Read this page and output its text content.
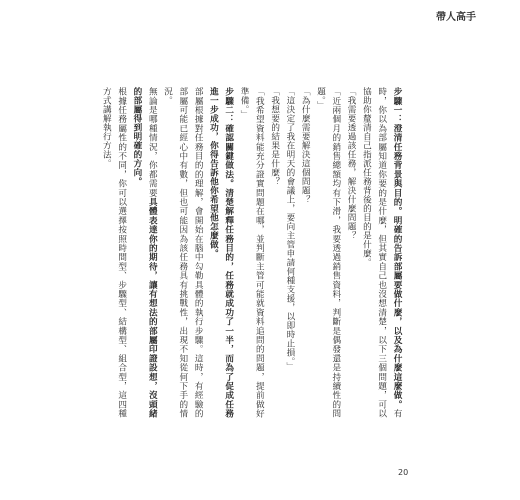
帶人高手

步驟一：澄清任務背景與目的。明確的告訴部屬要做什麼，以及為什麼這麼做。有時，你以為部屬知道你要的是什麼，但其實自己也沒想清楚，以下三個問題，可以協助你釐清自己指派任務背後的目的是什麼。

「我需要透過該任務，解決什麼問題？

「近兩個月的銷售總額均有下滑，我要透過銷售資料，判斷是偶發還是持續性的問題。」

「為什麼需要解決這個問題？

「這決定了我在明天的會議上，要向主管申請何種支援，以即時止損。」

「我想要的結果是什麼？

「我希望資料能充分證實問題在哪，並判斷主管可能就資料追問的問題，提前做好準備。」

步驟二：確認關鍵做法。清楚解釋任務目的，任務就成功了一半，而為了促成任務進一步成功，你得告訴他你希望他怎麼做。

部屬根據對任務目的的理解，會開始在腦中勾勒具體的執行步驟。這時，有經驗的部屬可能已經心中有數，但也可能因為該任務具有挑戰性，出現不知從何下手的情況。

無論是哪種情況，你都需要具體表達你的期待，讓有想法的部屬印證設想，沒頭緒的部屬得到明確的方向。

根據任務屬性的不同，你可以選擇按照時間型、步驟型、結構型、組合型，這四種方式講解執行方法。

20
